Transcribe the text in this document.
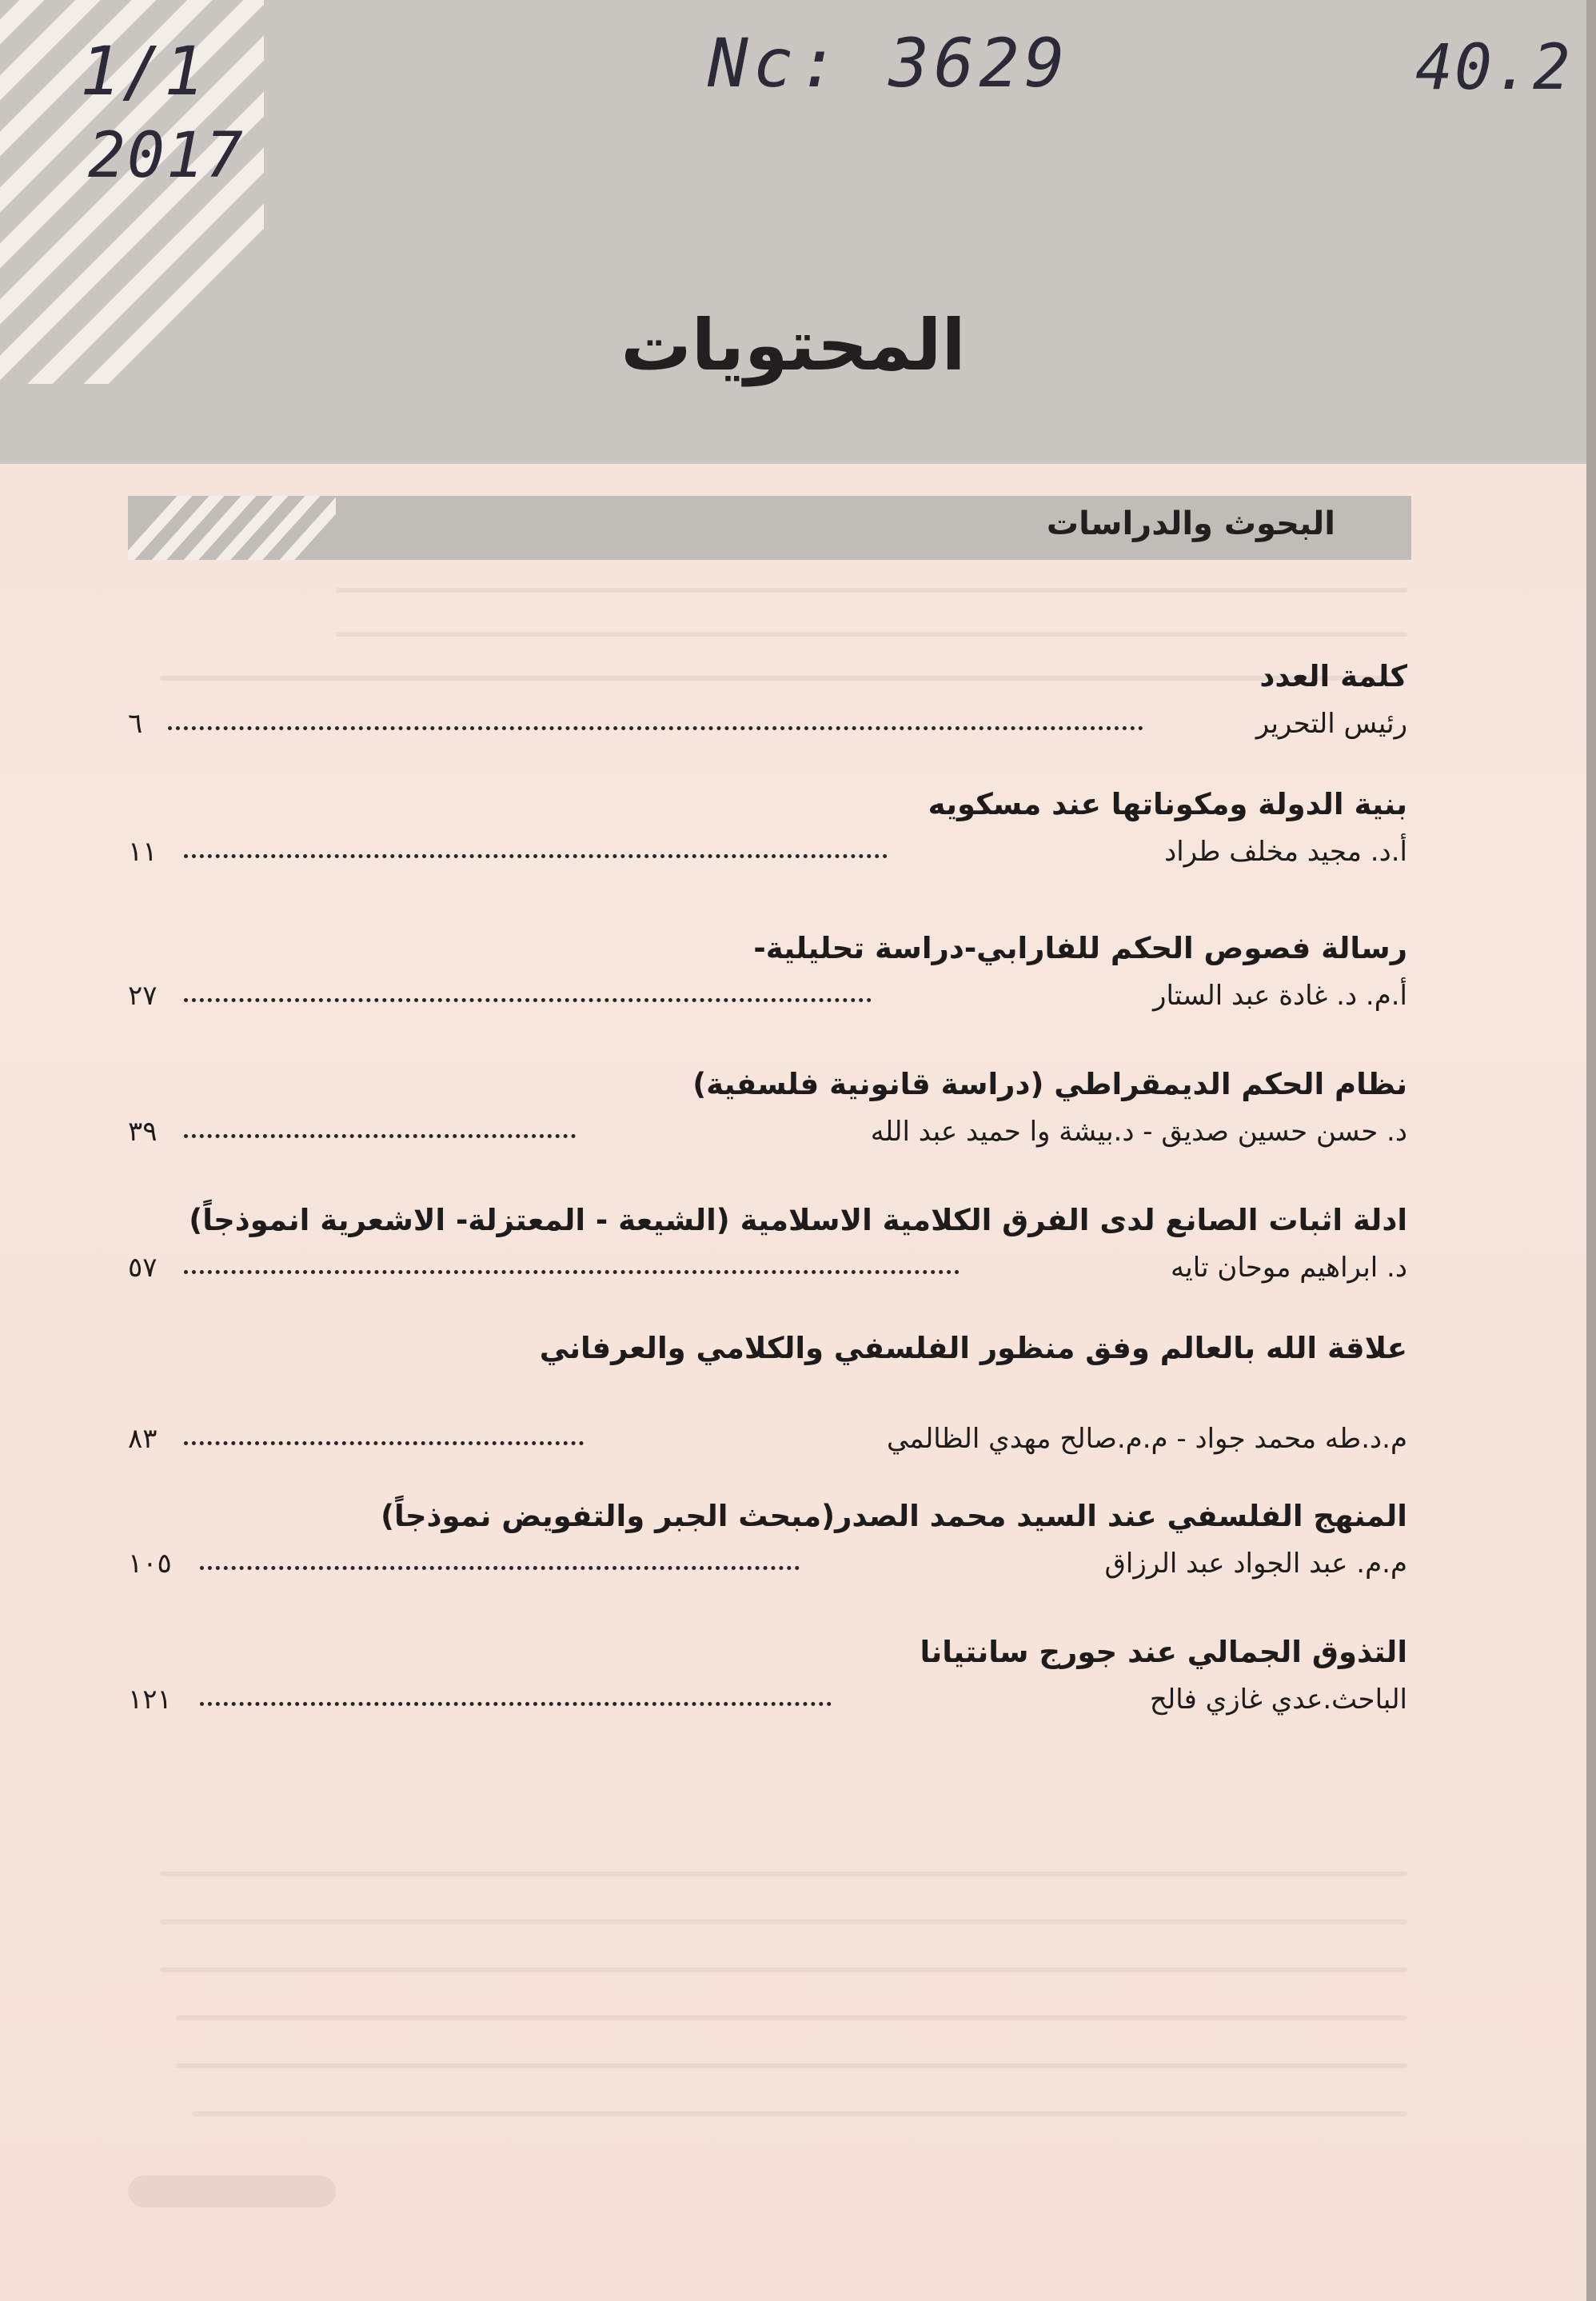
1/1
2017
Nc: 3629	40.2
المحتويات
البحوث والدراسات
كلمة العدد
رئيس التحرير
٦
بنية الدولة ومكوناتها عند مسكويه
أ.د. مجيد مخلف طراد
١١
رسالة فصوص الحكم للفارابي-دراسة تحليلية-
أ.م. د. غادة عبد الستار
٢٧
نظام الحكم الديمقراطي (دراسة قانونية فلسفية)
د. حسن حسين صديق - د.بيشة وا حميد عبد الله
٣٩
ادلة اثبات الصانع لدى الفرق الكلامية الاسلامية (الشيعة - المعتزلة- الاشعرية انموذجاً)
د. ابراهيم موحان تايه
٥٧
علاقة الله بالعالم وفق منظور الفلسفي والكلامي والعرفاني
م.د.طه محمد جواد - م.م.صالح مهدي الظالمي
٨٣
المنهج الفلسفي عند السيد محمد الصدر(مبحث الجبر والتفويض نموذجاً)
م.م. عبد الجواد عبد الرزاق
١٠٥
التذوق الجمالي عند جورج سانتيانا
الباحث.عدي غازي فالح
١٢١
